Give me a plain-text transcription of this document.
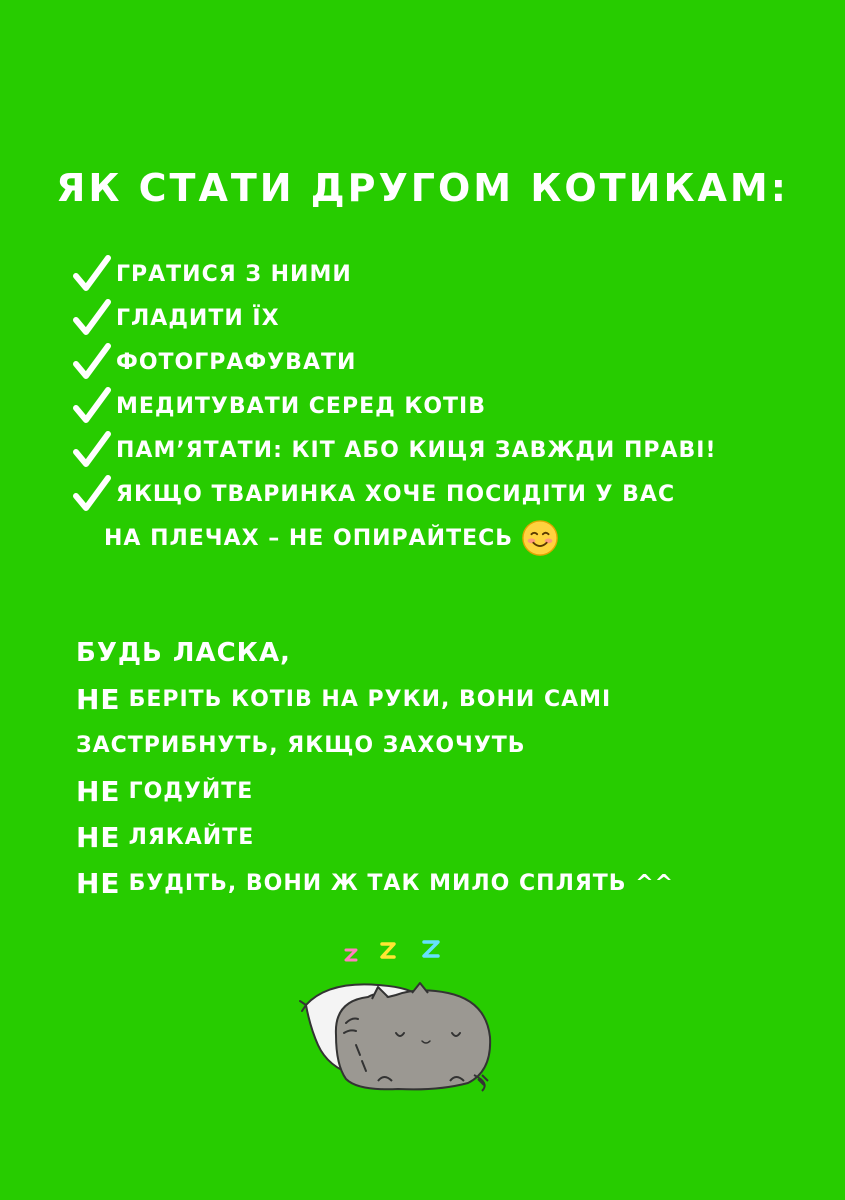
ЯК СТАТИ ДРУГОМ КОТИКАМ:
ГРАТИСЯ З НИМИ
ГЛАДИТИ ЇХ
ФОТОГРАФУВАТИ
МЕДИТУВАТИ СЕРЕД КОТІВ
ПАМ’ЯТАТИ: КІТ АБО КИЦЯ ЗАВЖДИ ПРАВІ!
ЯКЩО ТВАРИНКА ХОЧЕ ПОСИДІТИ У ВАС
НА ПЛЕЧАХ – НЕ ОПИРАЙТЕСЬ
БУДЬ ЛАСКА,
НЕ БЕРІТЬ КОТІВ НА РУКИ, ВОНИ САМІ
ЗАСТРИБНУТЬ, ЯКЩО ЗАХОЧУТЬ
НЕ ГОДУЙТЕ
НЕ ЛЯКАЙТЕ
НЕ БУДІТЬ, ВОНИ Ж ТАК МИЛО СПЛЯТЬ ^^
